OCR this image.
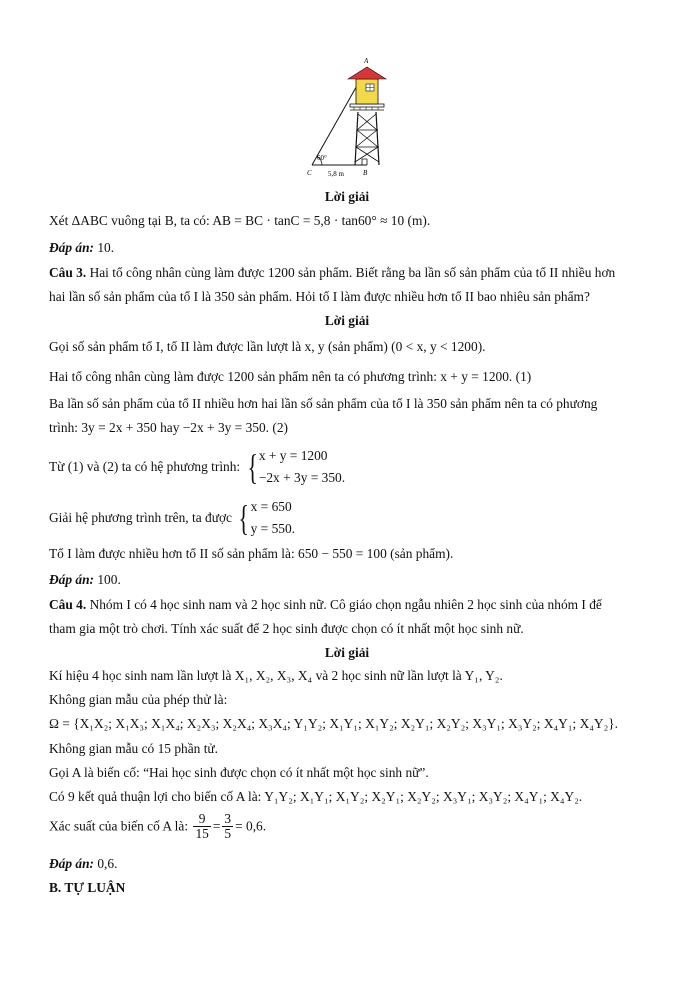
A
C	B
60°
5,8 m
Lời giải
Xét ΔABC vuông tại B, ta có: AB = BC · tanC = 5,8 · tan60° ≈ 10 (m).
Đáp án: 10.
Câu 3. Hai tổ công nhân cùng làm được 1200 sản phẩm. Biết rằng ba lần số sản phẩm của tổ II nhiều hơn
hai lần số sản phẩm của tổ I là 350 sản phẩm. Hỏi tổ I làm được nhiều hơn tổ II bao nhiêu sản phẩm?
Lời giải
Gọi số sản phẩm tổ I, tổ II làm được lần lượt là x, y (sản phẩm) (0 < x, y < 1200).
Hai tổ công nhân cùng làm được 1200 sản phẩm nên ta có phương trình: x + y = 1200. (1)
Ba lần số sản phẩm của tổ II nhiều hơn hai lần số sản phẩm của tổ I là 350 sản phẩm nên ta có phương
trình: 3y = 2x + 350 hay −2x + 3y = 350. (2)
Từ (1) và (2) ta có hệ phương trình: { x + y = 1200
−2x + 3y = 350.
Giải hệ phương trình trên, ta được { x = 650
y = 550.
Tổ I làm được nhiều hơn tổ II số sản phẩm là: 650 − 550 = 100 (sản phẩm).
Đáp án: 100.
Câu 4. Nhóm I có 4 học sinh nam và 2 học sinh nữ. Cô giáo chọn ngẫu nhiên 2 học sinh của nhóm I để
tham gia một trò chơi. Tính xác suất để 2 học sinh được chọn có ít nhất một học sinh nữ.
Lời giải
Kí hiệu 4 học sinh nam lần lượt là X₁, X₂, X₃, X₄ và 2 học sinh nữ lần lượt là Y₁, Y₂.
Không gian mẫu của phép thử là:
Ω = {X₁X₂; X₁X₃; X₁X₄; X₂X₃; X₂X₄; X₃X₄; Y₁Y₂; X₁Y₁; X₁Y₂; X₂Y₁; X₂Y₂; X₃Y₁; X₃Y₂; X₄Y₁; X₄Y₂}.
Không gian mẫu có 15 phần tử.
Gọi A là biến cố: “Hai học sinh được chọn có ít nhất một học sinh nữ”.
Có 9 kết quả thuận lợi cho biến cố A là: Y₁Y₂; X₁Y₁; X₁Y₂; X₂Y₁; X₂Y₂; X₃Y₁; X₃Y₂; X₄Y₁; X₄Y₂.
Xác suất của biến cố A là: $\frac{9}{15} = \frac{3}{5} = 0,6$.
Đáp án: 0,6.
B. TỰ LUẬN
